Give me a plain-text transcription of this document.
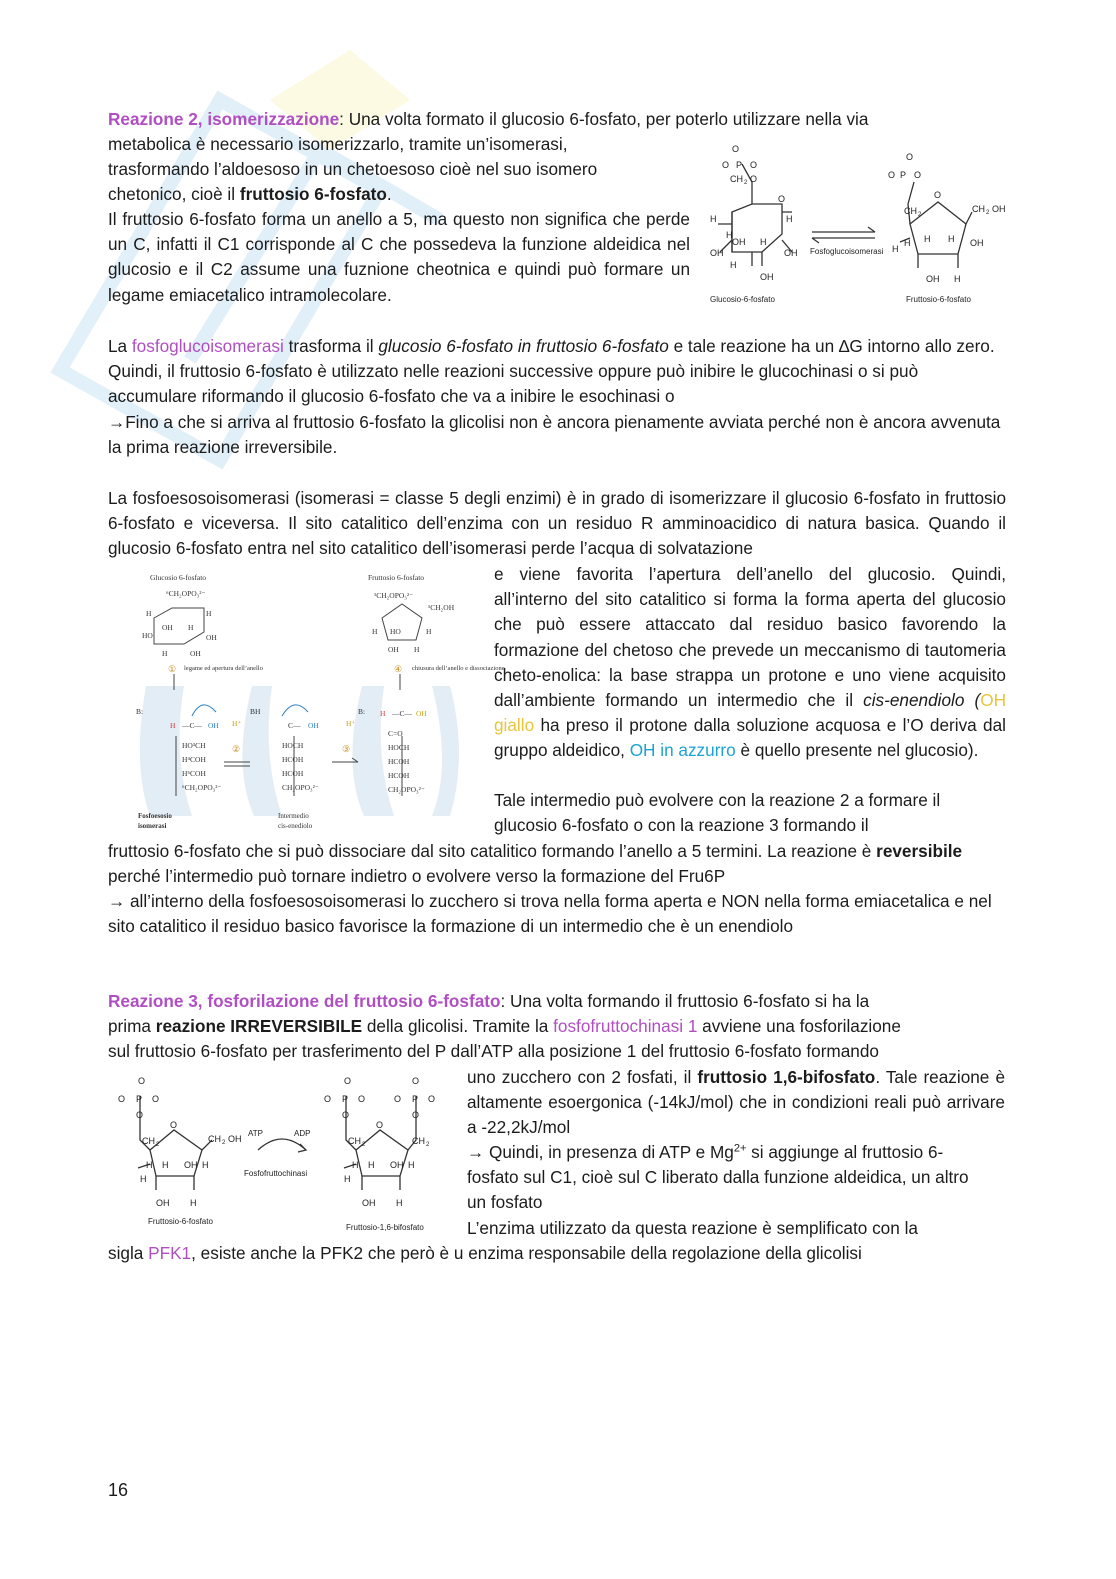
Reazione 2, isomerizzazione: Una volta formato il glucosio 6-fosfato, per poterlo utilizzare nella via
metabolica è necessario isomerizzarlo, tramite un’isomerasi,
trasformando l’aldoesoso in un chetoesoso cioè nel suo isomero
chetonico, cioè il fruttosio 6-fosfato.
Il fruttosio 6-fosfato forma un anello a 5, ma questo non significa che perde un C, infatti il C1 corrisponde al C che possedeva la funzione aldeidica nel glucosio e il C2 assume una fuznione cheotnica e quindi può formare un legame emiacetalico intramolecolare.
La fosfoglucoisomerasi trasforma il glucosio 6-fosfato in fruttosio 6-fosfato e tale reazione ha un ∆G intorno allo zero. Quindi, il fruttosio 6-fosfato è utilizzato nelle reazioni successive oppure può inibire le glucochinasi o si può accumulare riformando il glucosio 6-fosfato che va a inibire le esochinasi o
→Fino a che si arriva al fruttosio 6-fosfato la glicolisi non è ancora pienamente avviata perché non è ancora avvenuta la prima reazione irreversibile.
O
O P O
CH 2 O
O
H	H
H
OH H
OH	OH
H
OH
Glucosio-6-fosfato
Fosfoglucoisomerasi
O
O P O
CH 2
O
CH 2 OH
H H H OH
H
OH H
Fruttosio-6-fosfato
La fosfoesosoisomerasi (isomerasi = classe 5 degli enzimi) è in grado di isomerizzare il glucosio 6-fosfato in fruttosio 6-fosfato e viceversa. Il sito catalitico dell’enzima con un residuo R amminoacidico di natura basica. Quando il glucosio 6-fosfato entra nel sito catalitico dell’isomerasi perde l’acqua di solvatazione
e viene favorita l’apertura dell’anello del glucosio. Quindi, all’interno del sito catalitico si forma la forma aperta del glucosio che può essere attaccato dal residuo basico favorendo la formazione del chetoso che prevede un meccanismo di tautomeria cheto-enolica: la base strappa un protone e uno viene acquisito dall’ambiente formando un intermedio che il cis-enendiolo (OH giallo ha preso il protone dalla soluzione acquosa e l’O deriva dal gruppo aldeidico, OH in azzurro è quello presente nel glucosio).
Tale intermedio può evolvere con la reazione 2 a formare il glucosio 6-fosfato o con la reazione 3 formando il
fruttosio 6-fosfato che si può dissociare dal sito catalitico formando l’anello a 5 termini. La reazione è reversibile perché l’intermedio può tornare indietro o evolvere verso la formazione del Fru6P
→ all’interno della fosfoesosoisomerasi lo zucchero si trova nella forma aperta e NON nella forma emiacetalica e nel sito catalitico il residuo basico favorisce la formazione di un intermedio che è un enendiolo
Glucosio 6-fosfato	Fruttosio 6-fosfato
⁶CH₂OPO₃²⁻	¹CH₂OPO₃²⁻
¹CH₂OH
H	H
OH H
HO	OH
H	OH
H HO	H
OH H
legame ed apertura dell’anello	chiusura dell’anello e dissociazione
①	④
B:	BH	B:
H —C— OH	C— OH
H —C— OH
H⁺	H⁺
②	③
HO³CH
H⁴COH
H⁵COH
⁶CH₂OPO₃²⁻
HOCH
HCOH
HCOH
CH₂OPO₃²⁻
C=O
HOCH
HCOH
HCOH
CH₂OPO₃²⁻
Fosfoesosio
isomerasi
Intermedio
cis-enediolo
Reazione 3, fosforilazione del fruttosio 6-fosfato: Una volta formando il fruttosio 6-fosfato si ha la
prima reazione IRREVERSIBILE della glicolisi. Tramite la fosfofruttochinasi 1 avviene una fosforilazione
sul fruttosio 6-fosfato per trasferimento del P dall’ATP alla posizione 1 del fruttosio 6-fosfato formando
uno zucchero con 2 fosfati, il fruttosio 1,6-bifosfato. Tale reazione è altamente esoergonica (-14kJ/mol) che in condizioni reali può arrivare a -22,2kJ/mol
→ Quindi, in presenza di ATP e $Mg^{2+}$ si aggiunge al fruttosio 6-fosfato sul C1, cioè sul C liberato dalla funzione aldeidica, un altro un fosfato
L’enzima utilizzato da questa reazione è semplificato con la
sigla PFK1, esiste anche la PFK2 che però è u enzima responsabile della regolazione della glicolisi
O
O P O
O
CH 2
O
CH 2 OH
H H OH H
H
OH H
Fruttosio-6-fosfato
ATP	ADP
Fosfofruttochinasi
O
O P O
O
O
O P O
O
CH 2
O
CH 2
H H OH H
H
OH H
Fruttosio-1,6-bifosfato
16
